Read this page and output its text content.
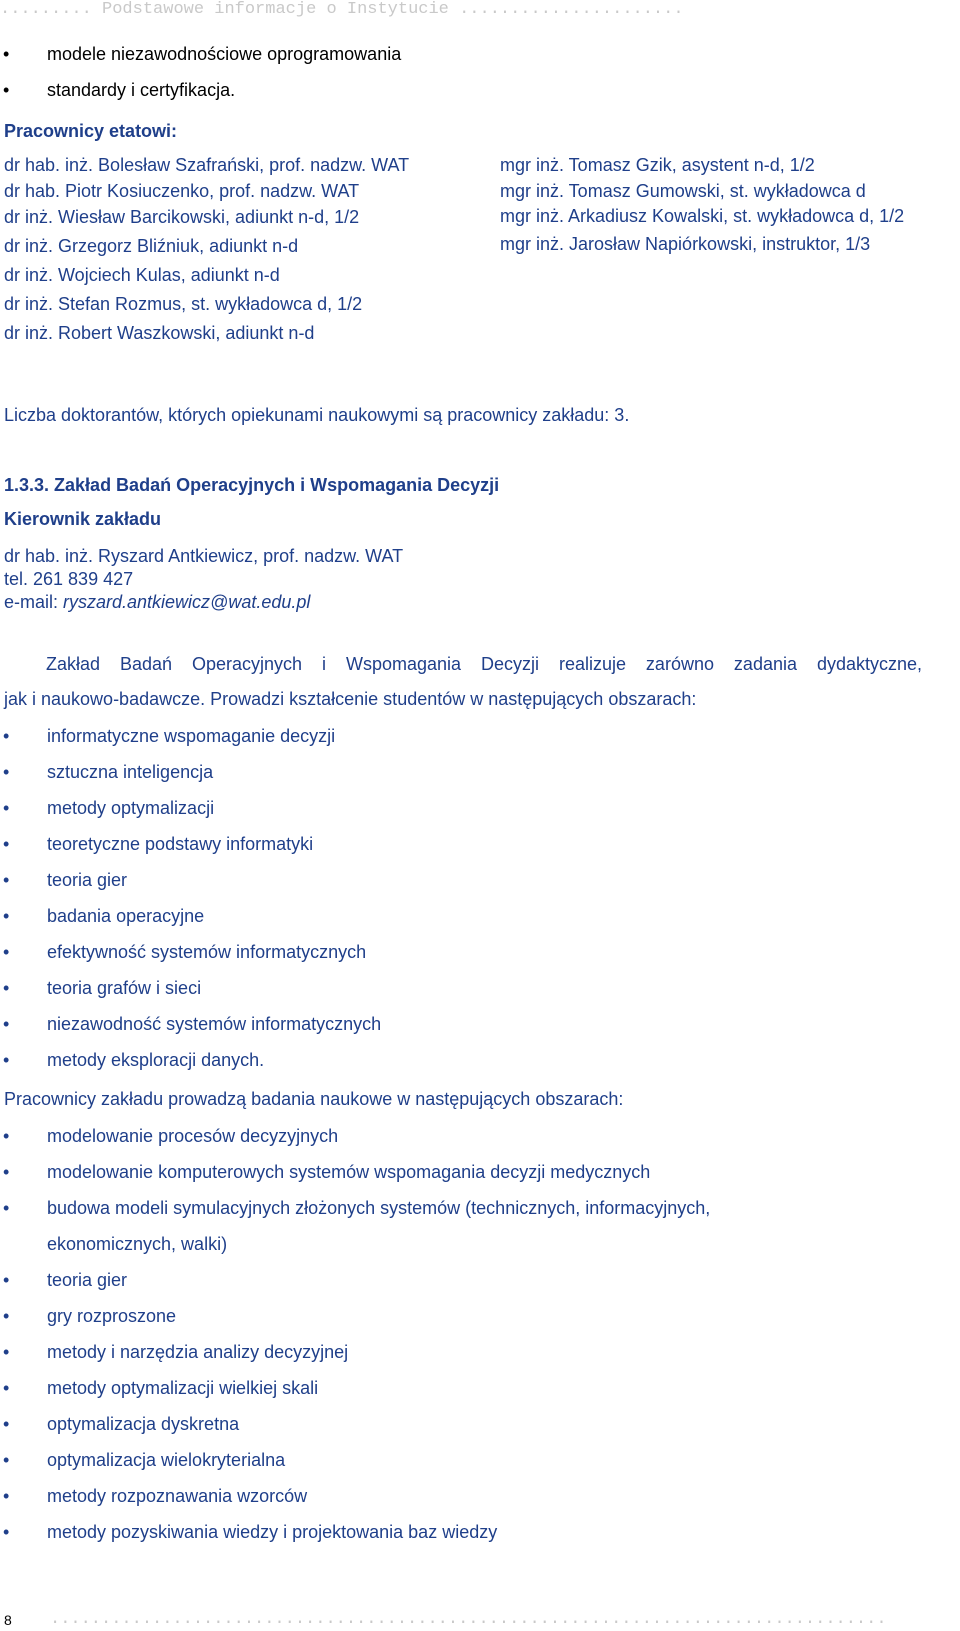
......... Podstawowe informacje o Instytucie ......................
• modele niezawodnościowe oprogramowania
• standardy i certyfikacja.
Pracownicy etatowi:
dr hab. inż. Bolesław Szafrański, prof. nadzw. WAT
dr hab. Piotr Kosiuczenko, prof. nadzw. WAT
dr inż. Wiesław Barcikowski, adiunkt n-d, 1/2
dr inż. Grzegorz Bliźniuk, adiunkt n-d
dr inż. Wojciech Kulas, adiunkt n-d
dr inż. Stefan Rozmus, st. wykładowca d, 1/2
dr inż. Robert Waszkowski, adiunkt n-d
mgr inż. Tomasz Gzik, asystent n-d, 1/2
mgr inż. Tomasz Gumowski, st. wykładowca d
mgr inż. Arkadiusz Kowalski, st. wykładowca d, 1/2
mgr inż. Jarosław Napiórkowski, instruktor, 1/3
Liczba doktorantów, których opiekunami naukowymi są pracownicy zakładu: 3.
1.3.3. Zakład Badań Operacyjnych i Wspomagania Decyzji
Kierownik zakładu
dr hab. inż. Ryszard Antkiewicz, prof. nadzw. WAT
tel. 261 839 427
e-mail: ryszard.antkiewicz@wat.edu.pl
Zakład Badań Operacyjnych i Wspomagania Decyzji realizuje zarówno zadania dydaktyczne,
jak i naukowo-badawcze. Prowadzi kształcenie studentów w następujących obszarach:
• informatyczne wspomaganie decyzji
• sztuczna inteligencja
• metody optymalizacji
• teoretyczne podstawy informatyki
• teoria gier
• badania operacyjne
• efektywność systemów informatycznych
• teoria grafów i sieci
• niezawodność systemów informatycznych
• metody eksploracji danych.
Pracownicy zakładu prowadzą badania naukowe w następujących obszarach:
• modelowanie procesów decyzyjnych
• modelowanie komputerowych systemów wspomagania decyzji medycznych
• budowa modeli symulacyjnych złożonych systemów (technicznych, informacyjnych,
ekonomicznych, walki)
• teoria gier
• gry rozproszone
• metody i narzędzia analizy decyzyjnej
• metody optymalizacji wielkiej skali
• optymalizacja dyskretna
• optymalizacja wielokryterialna
• metody rozpoznawania wzorców
• metody pozyskiwania wiedzy i projektowania baz wiedzy
8 ..................................................................................
